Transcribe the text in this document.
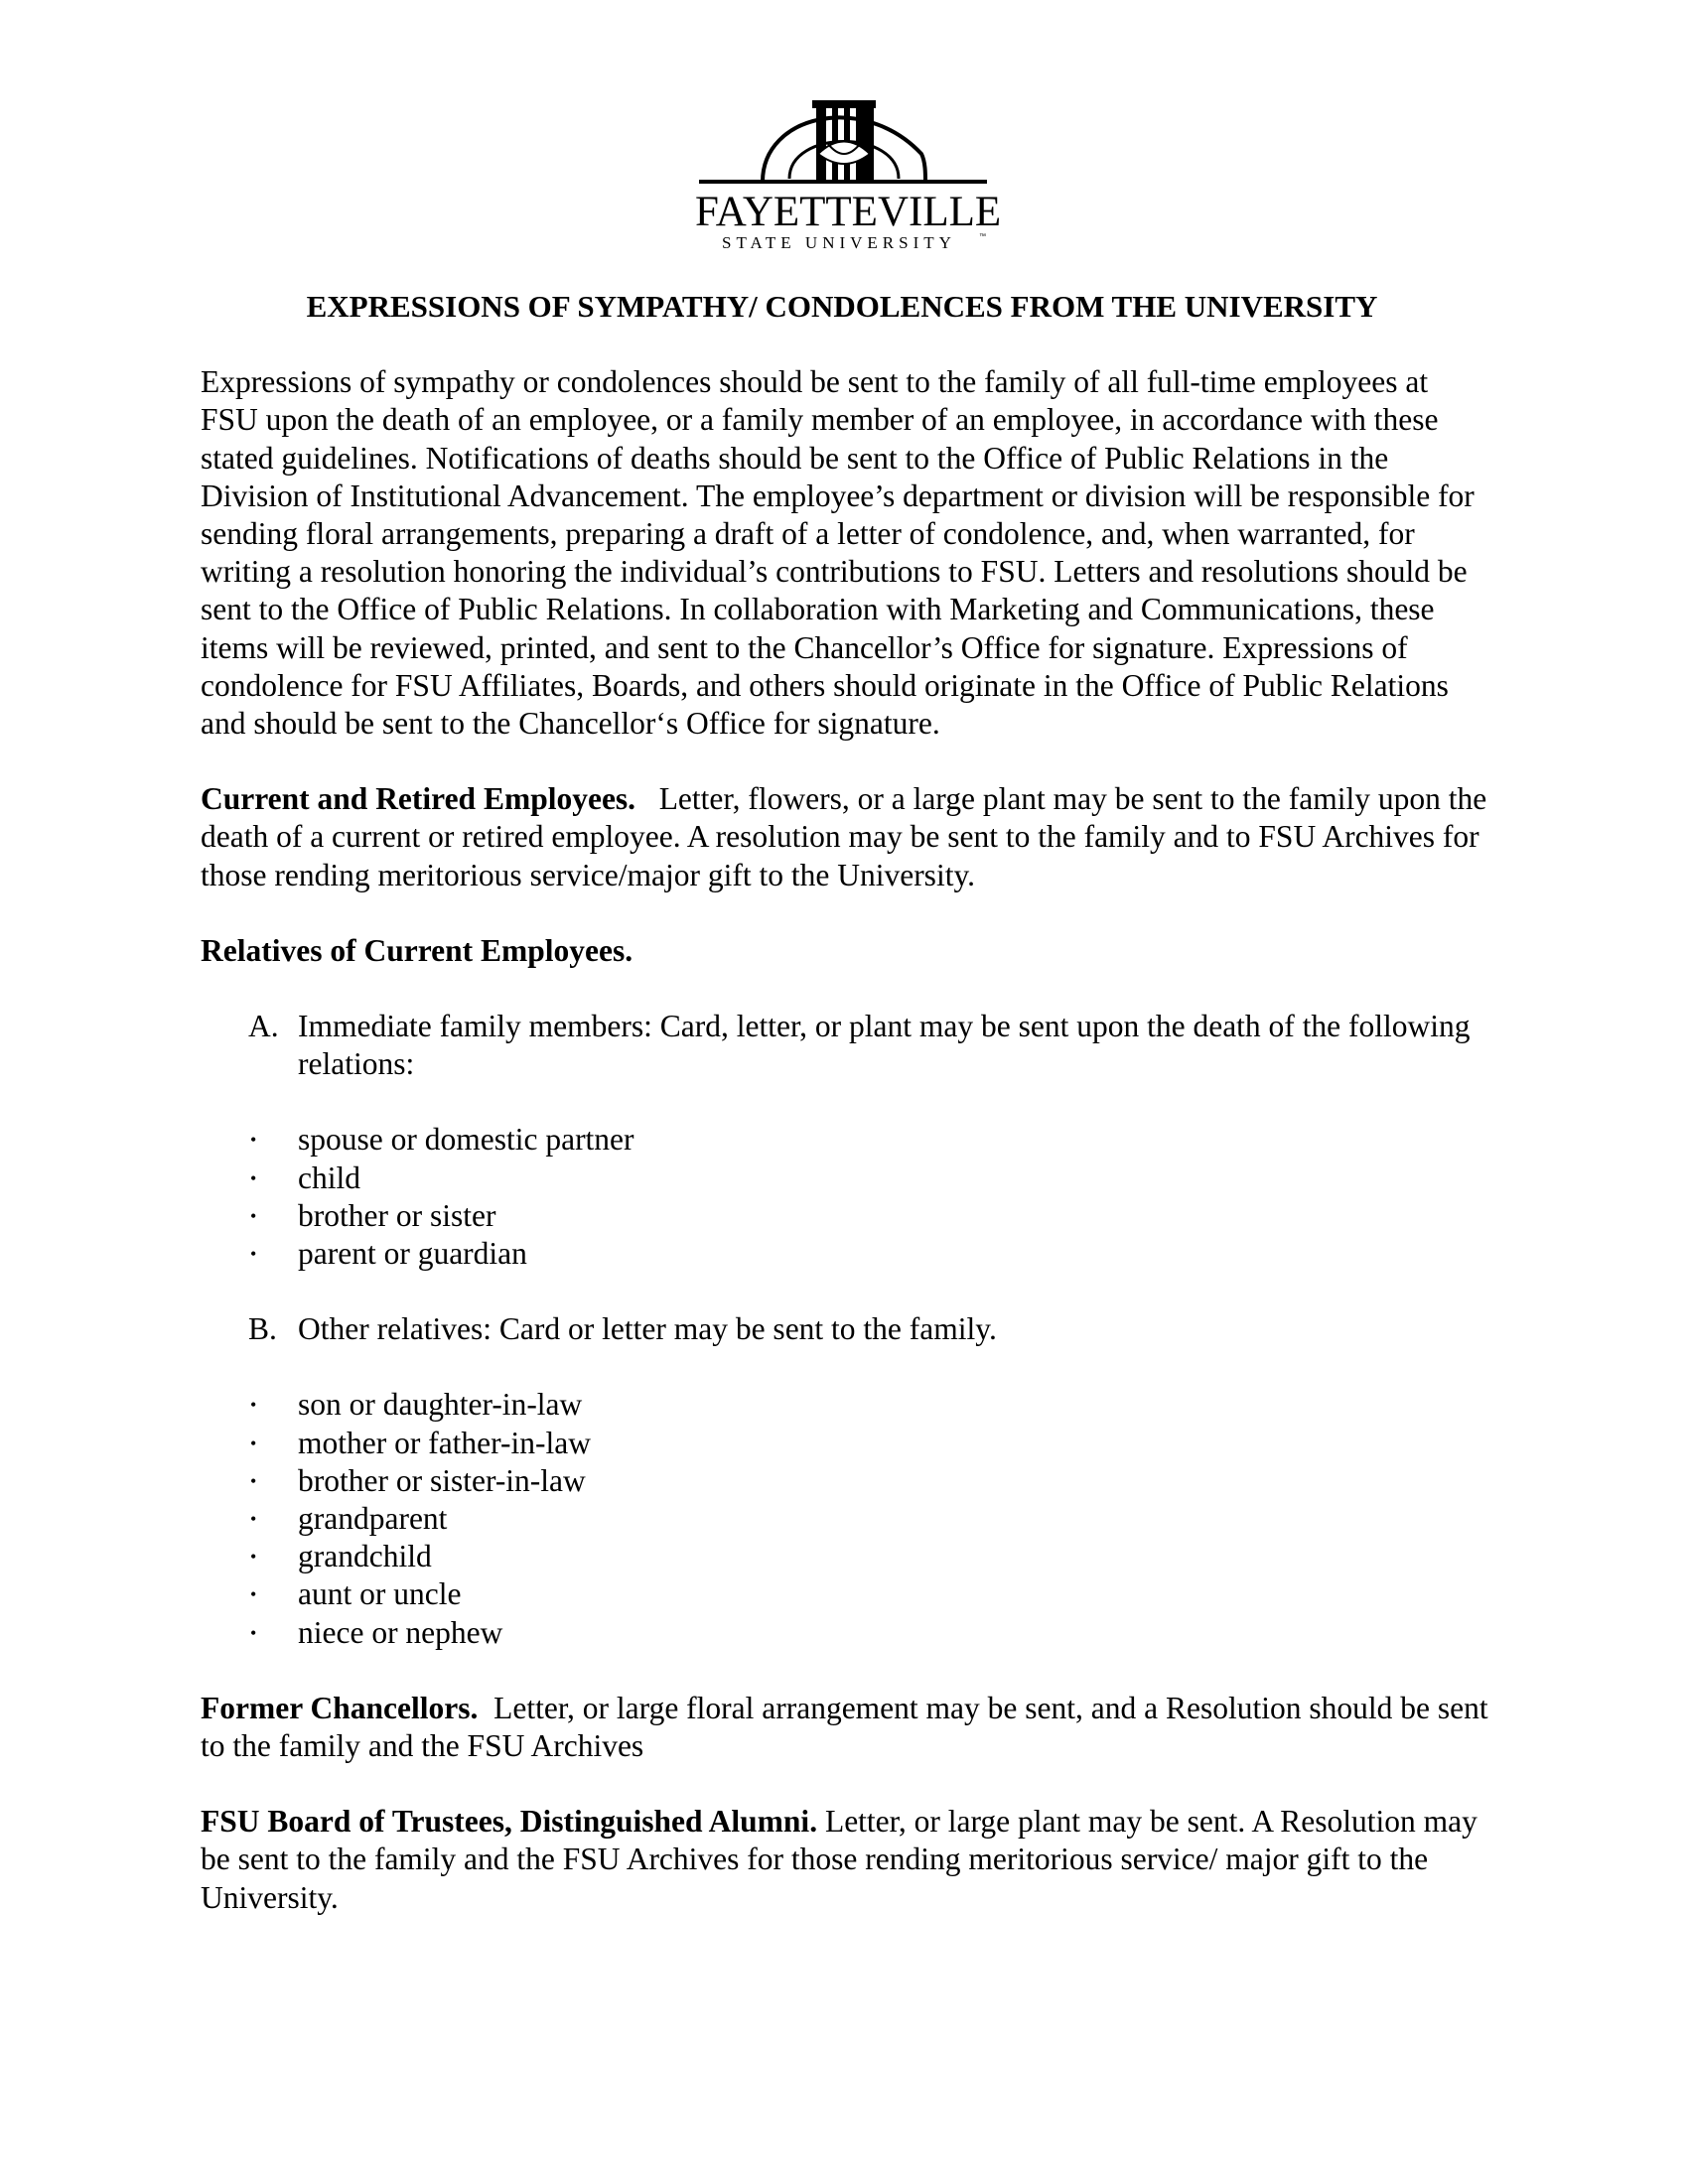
FAYETTEVILLE
STATE UNIVERSITY	™
EXPRESSIONS OF SYMPATHY/ CONDOLENCES FROM THE UNIVERSITY

Expressions of sympathy or condolences should be sent to the family of all full-time employees at FSU upon the death of an employee, or a family member of an employee, in accordance with these stated guidelines. Notifications of deaths should be sent to the Office of Public Relations in the Division of Institutional Advancement. The employee’s department or division will be responsible for sending floral arrangements, preparing a draft of a letter of condolence, and, when warranted, for writing a resolution honoring the individual’s contributions to FSU. Letters and resolutions should be sent to the Office of Public Relations. In collaboration with Marketing and Communications, these items will be reviewed, printed, and sent to the Chancellor’s Office for signature. Expressions of condolence for FSU Affiliates, Boards, and others should originate in the Office of Public Relations and should be sent to the Chancellor‘s Office for signature.

Current and Retired Employees. Letter, flowers, or a large plant may be sent to the family upon the death of a current or retired employee. A resolution may be sent to the family and to FSU Archives for those rending meritorious service/major gift to the University.

Relatives of Current Employees.
A. Immediate family members: Card, letter, or plant may be sent upon the death of the following relations:
• spouse or domestic partner
• child
• brother or sister
• parent or guardian
B. Other relatives: Card or letter may be sent to the family.
• son or daughter-in-law
• mother or father-in-law
• brother or sister-in-law
• grandparent
• grandchild
• aunt or uncle
• niece or nephew

Former Chancellors. Letter, or large floral arrangement may be sent, and a Resolution should be sent to the family and the FSU Archives

FSU Board of Trustees, Distinguished Alumni. Letter, or large plant may be sent. A Resolution may be sent to the family and the FSU Archives for those rending meritorious service/ major gift to the University.
